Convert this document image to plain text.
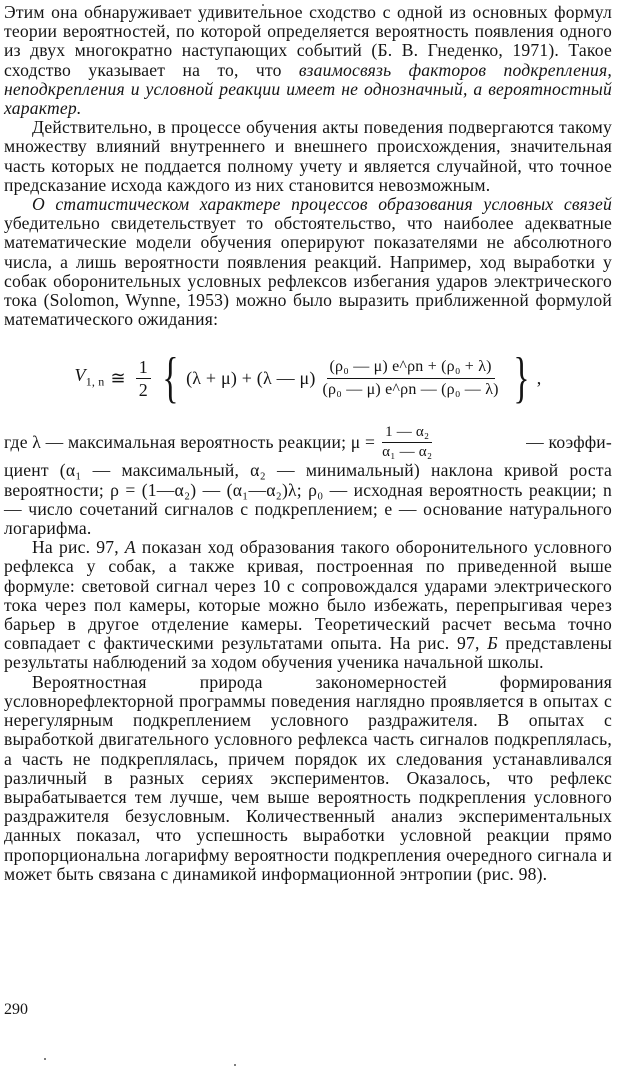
Этим она обнаруживает удивительное сходство с одной из основных формул теории вероятностей, по которой определяется вероятность появления одного из двух многократно наступающих событий (Б. В. Гнеденко, 1971). Такое сходство указывает на то, что взаимосвязь факторов подкрепления, неподкрепления и условной реакции имеет не однозначный, а вероятностный характер.

Действительно, в процессе обучения акты поведения подвергаются такому множеству влияний внутреннего и внешнего происхождения, значительная часть которых не поддается полному учету и является случайной, что точное предсказание исхода каждого из них становится невозможным.

О статистическом характере процессов образования условных связей убедительно свидетельствует то обстоятельство, что наиболее адекватные математические модели обучения оперируют показателями не абсолютного числа, а лишь вероятности появления реакций. Например, ход выработки у собак оборонительных условных рефлексов избегания ударов электрического тока (Solomon, Wynne, 1953) можно было выразить приближенной формулой математического ожидания:

$V_{1, n}$ ≅ $\frac{1}{2}$ { (λ + μ) + (λ — $\mu) \frac{\text{(ρ₀ — μ) e\textasciicircum{}ρn + (ρ₀ + λ)}}{\text{(ρ₀ — μ) e\textasciicircum{}ρn — (ρ₀ — λ)}}$ } ,
где λ — максимальная вероятность реакции; $\mu = \frac{\text{1 — α₂}}{\text{α₁ — α₂}}$	— коэффи-

циент (α₁ — максимальный, α₂ — минимальный) наклона кривой роста вероятности; ρ = (1—α₂) — (α₁—α₂)λ; ρ₀ — исходная вероятность реакции; n — число сочетаний сигналов с подкреплением; e — основание натурального логарифма.

На рис. 97, А показан ход образования такого оборонительного условного рефлекса у собак, а также кривая, построенная по приведенной выше формуле: световой сигнал через 10 с сопровождался ударами электрического тока через пол камеры, которые можно было избежать, перепрыгивая через барьер в другое отделение камеры. Теоретический расчет весьма точно совпадает с фактическими результатами опыта. На рис. 97, Б представлены результаты наблюдений за ходом обучения ученика начальной школы.

Вероятностная природа закономерностей формирования условнорефлекторной программы поведения наглядно проявляется в опытах с нерегулярным подкреплением условного раздражителя. В опытах с выработкой двигательного условного рефлекса часть сигналов подкреплялась, а часть не подкреплялась, причем порядок их следования устанавливался различный в разных сериях экспериментов. Оказалось, что рефлекс вырабатывается тем лучше, чем выше вероятность подкрепления условного раздражителя безусловным. Количественный анализ экспериментальных данных показал, что успешность выработки условной реакции прямо пропорциональна логарифму вероятности подкрепления очередного сигнала и может быть связана с динамикой информационной энтропии (рис. 98).

290
